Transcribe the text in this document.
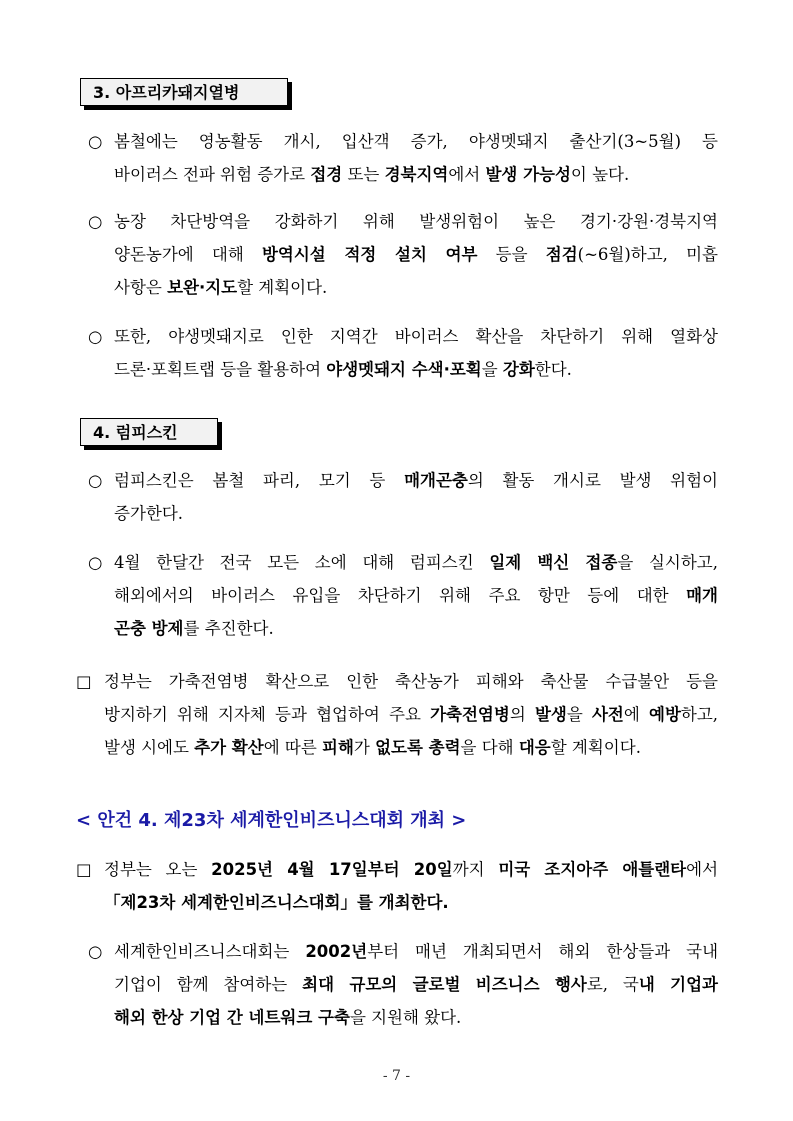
3. 아프리카돼지열병
○ 봄철에는 영농활동 개시, 입산객 증가, 야생멧돼지 출산기(3~5월) 등
바이러스 전파 위험 증가로 접경 또는 경북지역에서 발생 가능성이 높다.
○ 농장 차단방역을 강화하기 위해 발생위험이 높은 경기·강원·경북지역
양돈농가에 대해 방역시설 적정 설치 여부 등을 점검(~6월)하고, 미흡
사항은 보완·지도할 계획이다.
○ 또한, 야생멧돼지로 인한 지역간 바이러스 확산을 차단하기 위해 열화상
드론·포획트랩 등을 활용하여 야생멧돼지 수색·포획을 강화한다.
4. 럼피스킨
○ 럼피스킨은 봄철 파리, 모기 등 매개곤충의 활동 개시로 발생 위험이
증가한다.
○ 4월 한달간 전국 모든 소에 대해 럼피스킨 일제 백신 접종을 실시하고,
해외에서의 바이러스 유입을 차단하기 위해 주요 항만 등에 대한 매개
곤충 방제를 추진한다.
□ 정부는 가축전염병 확산으로 인한 축산농가 피해와 축산물 수급불안 등을
방지하기 위해 지자체 등과 협업하여 주요 가축전염병의 발생을 사전에 예방하고,
발생 시에도 추가 확산에 따른 피해가 없도록 총력을 다해 대응할 계획이다.
< 안건 4. 제23차 세계한인비즈니스대회 개최 >
□ 정부는 오는 2025년 4월 17일부터 20일까지 미국 조지아주 애틀랜타에서
「제23차 세계한인비즈니스대회」를 개최한다.
○ 세계한인비즈니스대회는 2002년부터 매년 개최되면서 해외 한상들과 국내
기업이 함께 참여하는 최대 규모의 글로벌 비즈니스 행사로, 국내 기업과
해외 한상 기업 간 네트워크 구축을 지원해 왔다.
- 7 -
